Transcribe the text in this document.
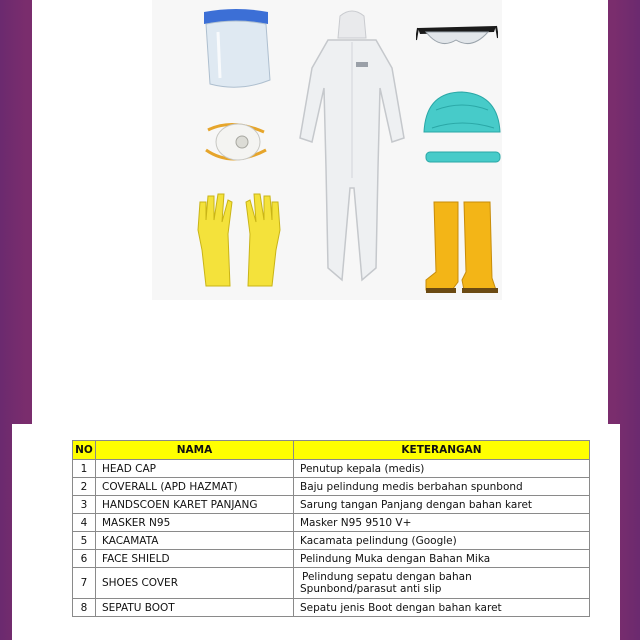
NO	NAMA	KETERANGAN
1	HEAD CAP	Penutup kepala (medis)
2	COVERALL (APD HAZMAT)	Baju pelindung medis berbahan spunbond
3	HANDSCOEN KARET PANJANG	Sarung tangan Panjang dengan bahan karet
4	MASKER N95	Masker N95 9510 V+
5	KACAMATA	Kacamata pelindung (Google)
6	FACE SHIELD	Pelindung Muka dengan Bahan Mika
7	SHOES COVER	Pelindung sepatu dengan bahan
Spunbond/parasut anti slip

8	SEPATU BOOT	Sepatu jenis Boot dengan bahan karet
